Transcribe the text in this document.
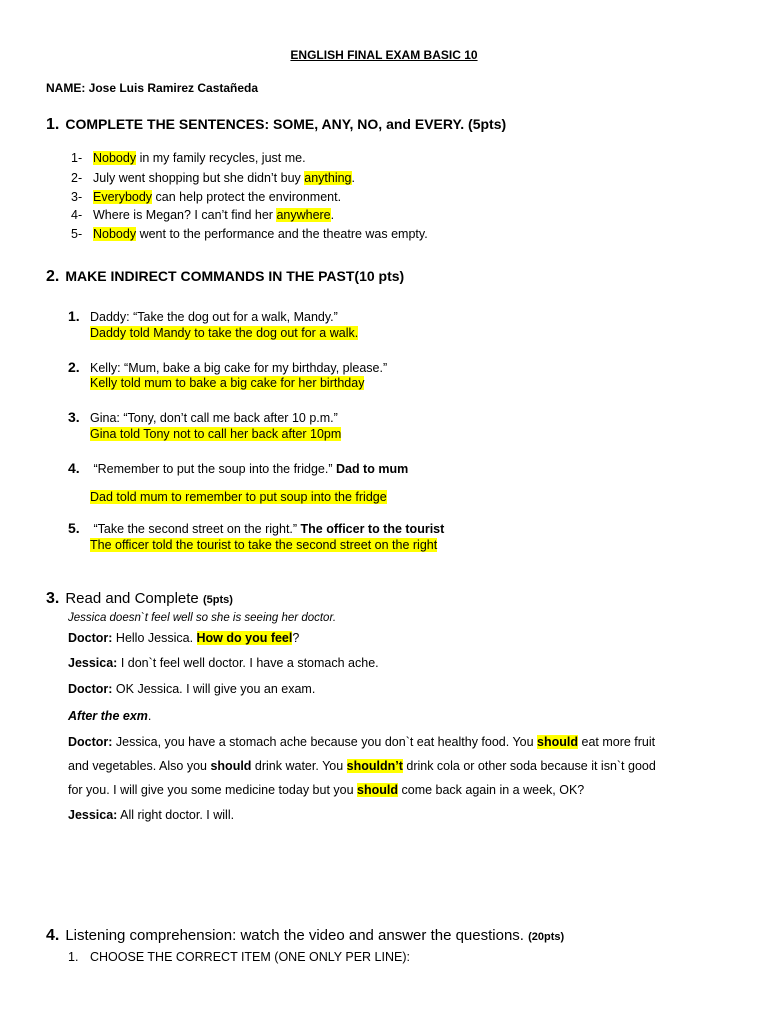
ENGLISH FINAL EXAM BASIC 10
NAME: Jose Luis Ramirez Castañeda
1. COMPLETE THE SENTENCES: SOME, ANY, NO, and EVERY. (5pts)
1- Nobody in my family recycles, just me.
2- July went shopping but she didn’t buy anything.
3- Everybody can help protect the environment.
4- Where is Megan? I can’t find her anywhere.
5- Nobody went to the performance and the theatre was empty.
2. MAKE INDIRECT COMMANDS IN THE PAST(10 pts)
1. Daddy: “Take the dog out for a walk, Mandy.”
Daddy told Mandy to take the dog out for a walk.
2. Kelly: “Mum, bake a big cake for my birthday, please.”
Kelly told mum to bake a big cake for her birthday
3. Gina: “Tony, don’t call me back after 10 p.m.”
Gina told Tony not to call her back after 10pm
4. “Remember to put the soup into the fridge.” Dad to mum
Dad told mum to remember to put soup into the fridge
5. “Take the second street on the right.” The officer to the tourist
The officer told the tourist to take the second street on the right
3. Read and Complete (5pts)
Jessica doesn`t feel well so she is seeing her doctor.
Doctor: Hello Jessica. How do you feel?
Jessica: I don`t feel well doctor. I have a stomach ache.
Doctor: OK Jessica. I will give you an exam.
After the exm.
Doctor: Jessica, you have a stomach ache because you don`t eat healthy food. You should eat more fruit
and vegetables. Also you should drink water. You shouldn’t drink cola or other soda because it isn`t good
for you. I will give you some medicine today but you should come back again in a week, OK?
Jessica: All right doctor. I will.
4. Listening comprehension: watch the video and answer the questions. (20pts)
1. CHOOSE THE CORRECT ITEM (ONE ONLY PER LINE):
